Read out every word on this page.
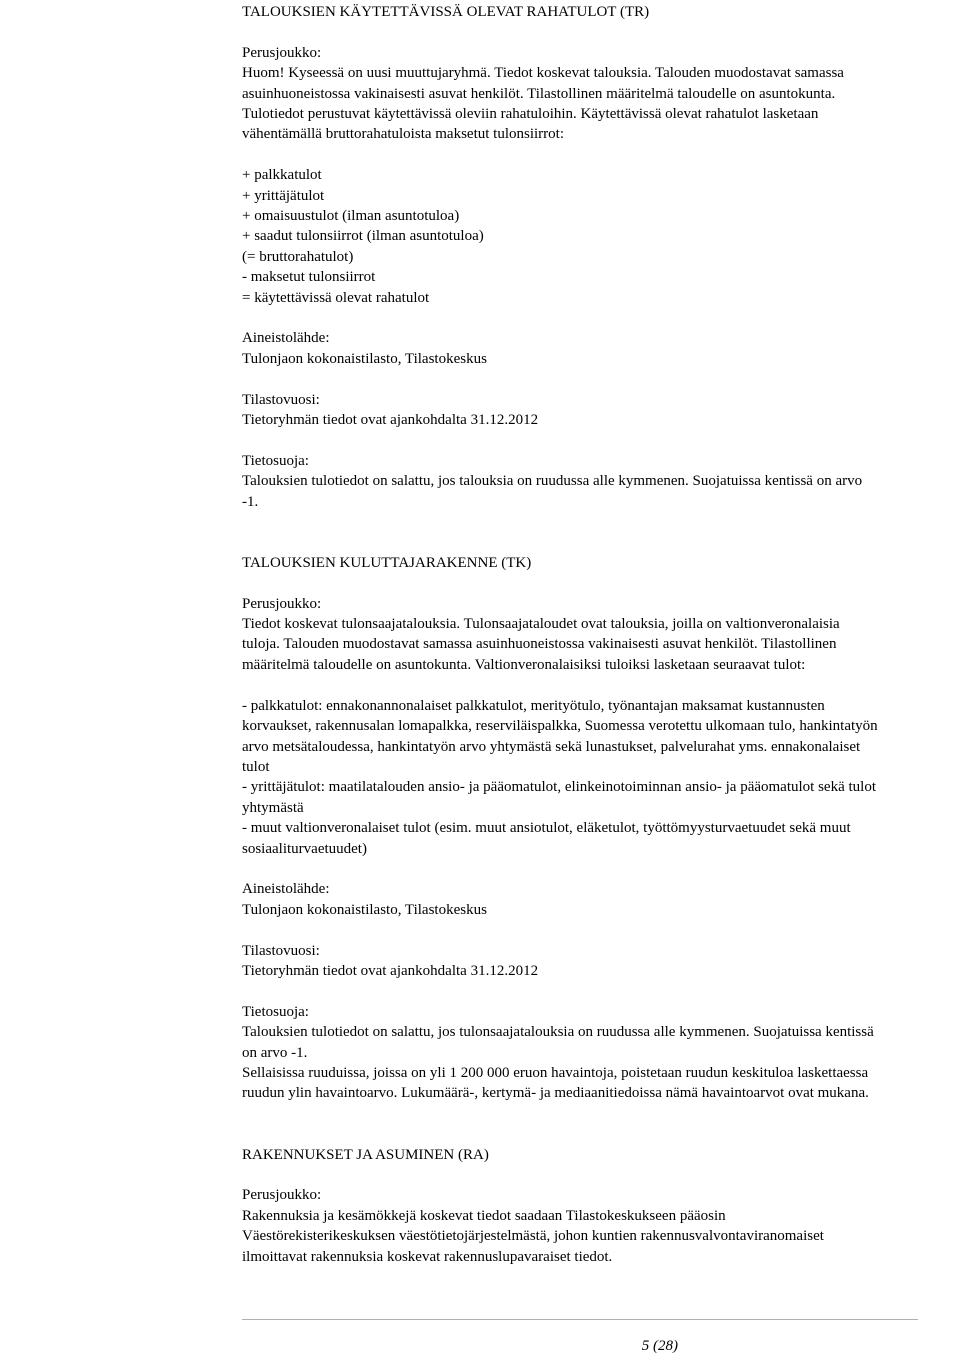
TALOUKSIEN KÄYTETTÄVISSÄ OLEVAT RAHATULOT (TR)

Perusjoukko:

Huom! Kyseessä on uusi muuttujaryhmä. Tiedot koskevat talouksia. Talouden muodostavat samassa

asuinhuoneistossa vakinaisesti asuvat henkilöt. Tilastollinen määritelmä taloudelle on asuntokunta.

Tulotiedot perustuvat käytettävissä oleviin rahatuloihin. Käytettävissä olevat rahatulot lasketaan

vähentämällä bruttorahatuloista maksetut tulonsiirrot:

+ palkkatulot

+ yrittäjätulot

+ omaisuustulot (ilman asuntotuloa)

+ saadut tulonsiirrot (ilman asuntotuloa)

(= bruttorahatulot)

- maksetut tulonsiirrot

= käytettävissä olevat rahatulot

Aineistolähde:

Tulonjaon kokonaistilasto, Tilastokeskus

Tilastovuosi:

Tietoryhmän tiedot ovat ajankohdalta 31.12.2012

Tietosuoja:

Talouksien tulotiedot on salattu, jos talouksia on ruudussa alle kymmenen. Suojatuissa kentissä on arvo

-1.

TALOUKSIEN KULUTTAJARAKENNE (TK)

Perusjoukko:

Tiedot koskevat tulonsaajatalouksia. Tulonsaajataloudet ovat talouksia, joilla on valtionveronalaisia

tuloja. Talouden muodostavat samassa asuinhuoneistossa vakinaisesti asuvat henkilöt. Tilastollinen

määritelmä taloudelle on asuntokunta. Valtionveronalaisiksi tuloiksi lasketaan seuraavat tulot:

- palkkatulot: ennakonannonalaiset palkkatulot, merityötulo, työnantajan maksamat kustannusten

korvaukset, rakennusalan lomapalkka, reserviläispalkka, Suomessa verotettu ulkomaan tulo, hankintatyön

arvo metsätaloudessa, hankintatyön arvo yhtymästä sekä lunastukset, palvelurahat yms. ennakonalaiset

tulot

- yrittäjätulot: maatilatalouden ansio- ja pääomatulot, elinkeinotoiminnan ansio- ja pääomatulot sekä tulot

yhtymästä

- muut valtionveronalaiset tulot (esim. muut ansiotulot, eläketulot, työttömyysturvaetuudet sekä muut

sosiaaliturvaetuudet)

Aineistolähde:

Tulonjaon kokonaistilasto, Tilastokeskus

Tilastovuosi:

Tietoryhmän tiedot ovat ajankohdalta 31.12.2012

Tietosuoja:

Talouksien tulotiedot on salattu, jos tulonsaajatalouksia on ruudussa alle kymmenen. Suojatuissa kentissä

on arvo -1.

Sellaisissa ruuduissa, joissa on yli 1 200 000 eruon havaintoja, poistetaan ruudun keskituloa laskettaessa

ruudun ylin havaintoarvo. Lukumäärä-, kertymä- ja mediaanitiedoissa nämä havaintoarvot ovat mukana.

RAKENNUKSET JA ASUMINEN (RA)

Perusjoukko:

Rakennuksia ja kesämökkejä koskevat tiedot saadaan Tilastokeskukseen pääosin

Väestörekisterikeskuksen väestötietojärjestelmästä, johon kuntien rakennusvalvontaviranomaiset

ilmoittavat rakennuksia koskevat rakennuslupavaraiset tiedot.

5 (28)
